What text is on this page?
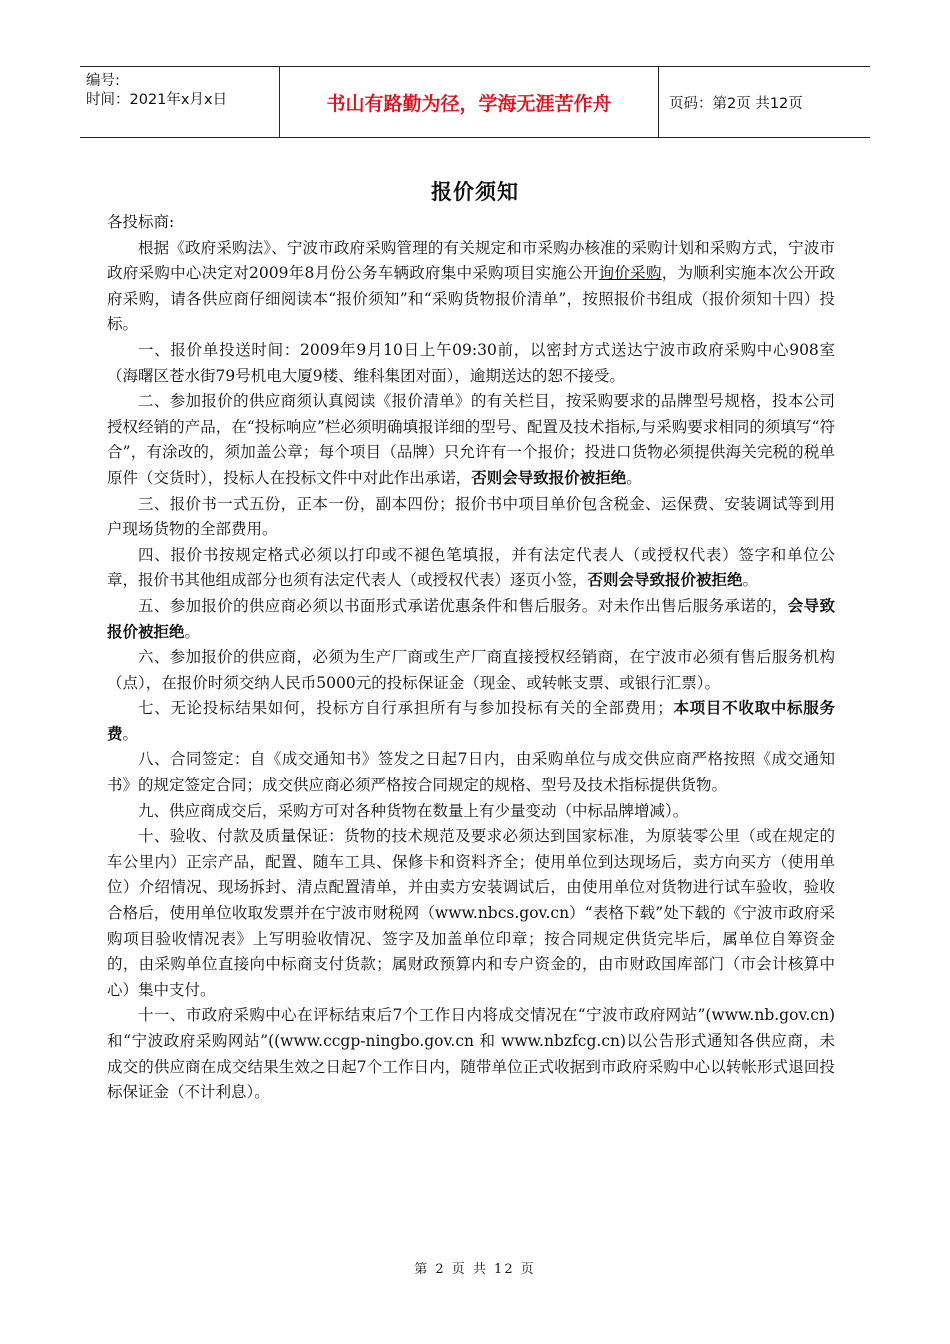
编号:
时间：2021年x月x日	书山有路勤为径，学海无涯苦作舟	页码：第2页 共12页
报价须知

各投标商:

根据《政府采购法》、宁波市政府采购管理的有关规定和市采购办核准的采购计划和采购方式，宁波市政府采购中心决定对2009年8月份公务车辆政府集中采购项目实施公开询价采购，为顺利实施本次公开政府采购，请各供应商仔细阅读本“报价须知”和“采购货物报价清单”，按照报价书组成（报价须知十四）投标。

一、报价单投送时间：2009年9月10日上午09:30前，以密封方式送达宁波市政府采购中心908室（海曙区苍水街79号机电大厦9楼、维科集团对面），逾期送达的恕不接受。

二、参加报价的供应商须认真阅读《报价清单》的有关栏目，按采购要求的品牌型号规格，投本公司授权经销的产品，在“投标响应”栏必须明确填报详细的型号、配置及技术指标,与采购要求相同的须填写“符合”，有涂改的，须加盖公章；每个项目（品牌）只允许有一个报价；投进口货物必须提供海关完税的税单原件（交货时），投标人在投标文件中对此作出承诺，否则会导致报价被拒绝。

三、报价书一式五份，正本一份，副本四份；报价书中项目单价包含税金、运保费、安装调试等到用户现场货物的全部费用。

四、报价书按规定格式必须以打印或不褪色笔填报，并有法定代表人（或授权代表）签字和单位公章，报价书其他组成部分也须有法定代表人（或授权代表）逐页小签，否则会导致报价被拒绝。

五、参加报价的供应商必须以书面形式承诺优惠条件和售后服务。对未作出售后服务承诺的，会导致报价被拒绝。

六、参加报价的供应商，必须为生产厂商或生产厂商直接授权经销商，在宁波市必须有售后服务机构（点），在报价时须交纳人民币5000元的投标保证金（现金、或转帐支票、或银行汇票）。

七、无论投标结果如何，投标方自行承担所有与参加投标有关的全部费用；本项目不收取中标服务费。

八、合同签定：自《成交通知书》签发之日起7日内，由采购单位与成交供应商严格按照《成交通知书》的规定签定合同；成交供应商必须严格按合同规定的规格、型号及技术指标提供货物。

九、供应商成交后，采购方可对各种货物在数量上有少量变动（中标品牌增减）。

十、验收、付款及质量保证：货物的技术规范及要求必须达到国家标准，为原装零公里（或在规定的车公里内）正宗产品，配置、随车工具、保修卡和资料齐全；使用单位到达现场后，卖方向买方（使用单位）介绍情况、现场拆封、清点配置清单，并由卖方安装调试后，由使用单位对货物进行试车验收，验收合格后，使用单位收取发票并在宁波市财税网（www.nbcs.gov.cn）“表格下载”处下载的《宁波市政府采购项目验收情况表》上写明验收情况、签字及加盖单位印章；按合同规定供货完毕后，属单位自筹资金的，由采购单位直接向中标商支付货款；属财政预算内和专户资金的，由市财政国库部门（市会计核算中心）集中支付。

十一、市政府采购中心在评标结束后7个工作日内将成交情况在“宁波市政府网站”(www.nb.gov.cn)和“宁波政府采购网站”((www.ccgp-ningbo.gov.cn 和 www.nbzfcg.cn)以公告形式通知各供应商，未成交的供应商在成交结果生效之日起7个工作日内，随带单位正式收据到市政府采购中心以转帐形式退回投标保证金（不计利息）。

第 2 页 共 12 页
